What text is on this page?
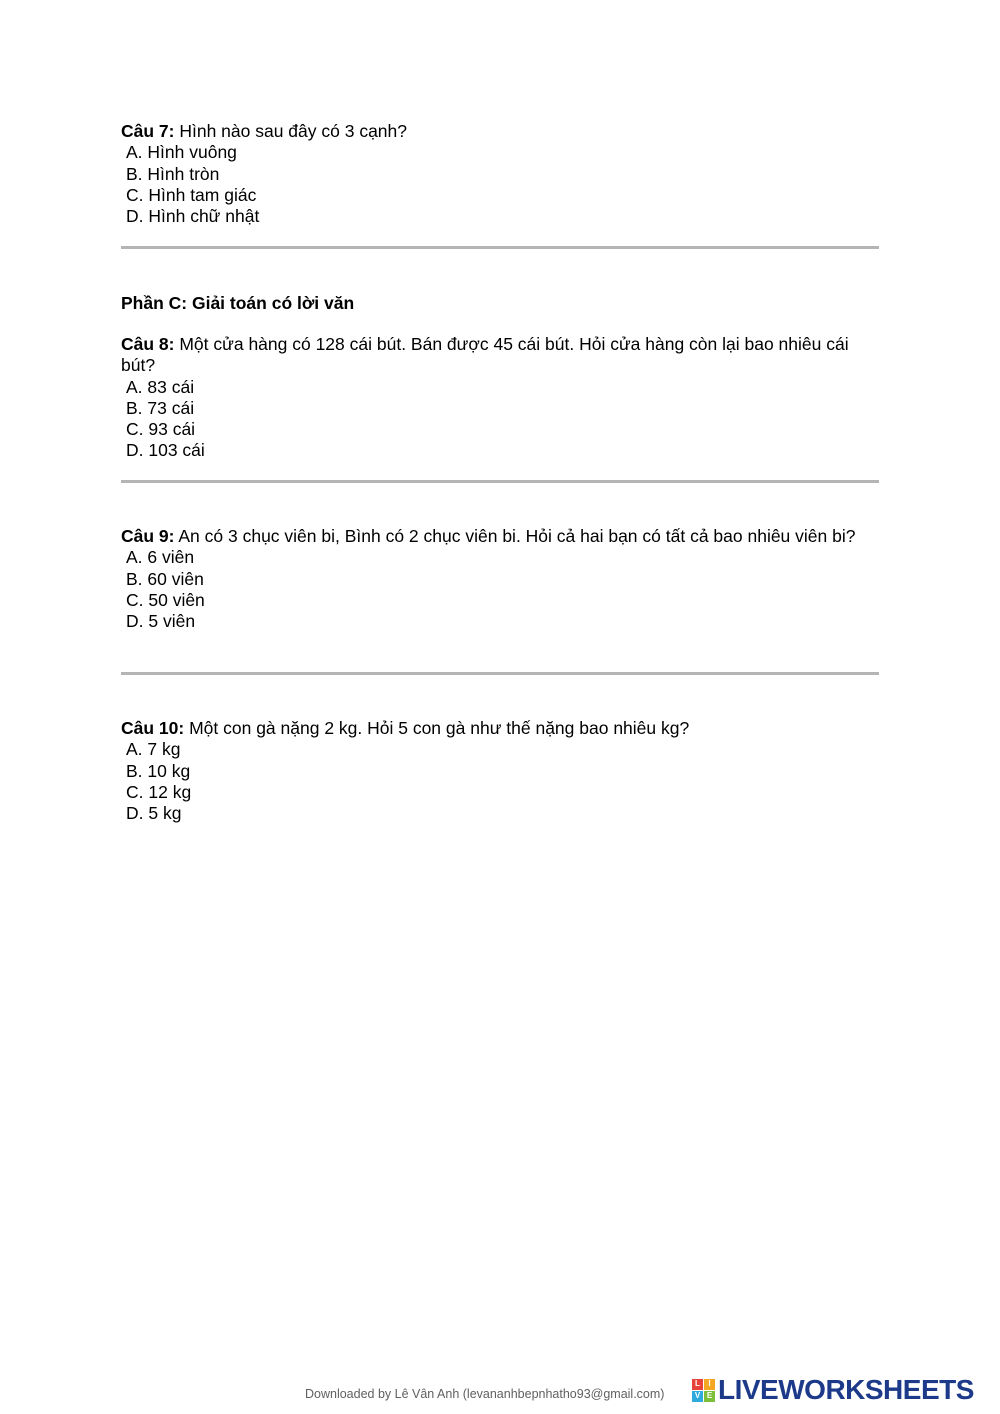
Câu 7: Hình nào sau đây có 3 cạnh?
A. Hình vuông
B. Hình tròn
C. Hình tam giác
D. Hình chữ nhật
Phần C: Giải toán có lời văn
Câu 8: Một cửa hàng có 128 cái bút. Bán được 45 cái bút. Hỏi cửa hàng còn lại bao nhiêu cái bút?
A. 83 cái
B. 73 cái
C. 93 cái
D. 103 cái
Câu 9: An có 3 chục viên bi, Bình có 2 chục viên bi. Hỏi cả hai bạn có tất cả bao nhiêu viên bi?
A. 6 viên
B. 60 viên
C. 50 viên
D. 5 viên
Câu 10: Một con gà nặng 2 kg. Hỏi 5 con gà như thế nặng bao nhiêu kg?
A. 7 kg
B. 10 kg
C. 12 kg
D. 5 kg
Downloaded by Lê Vân Anh (levananhbepnhatho93@gmail.com)
L	I
V E LIVEWORKSHEETS
